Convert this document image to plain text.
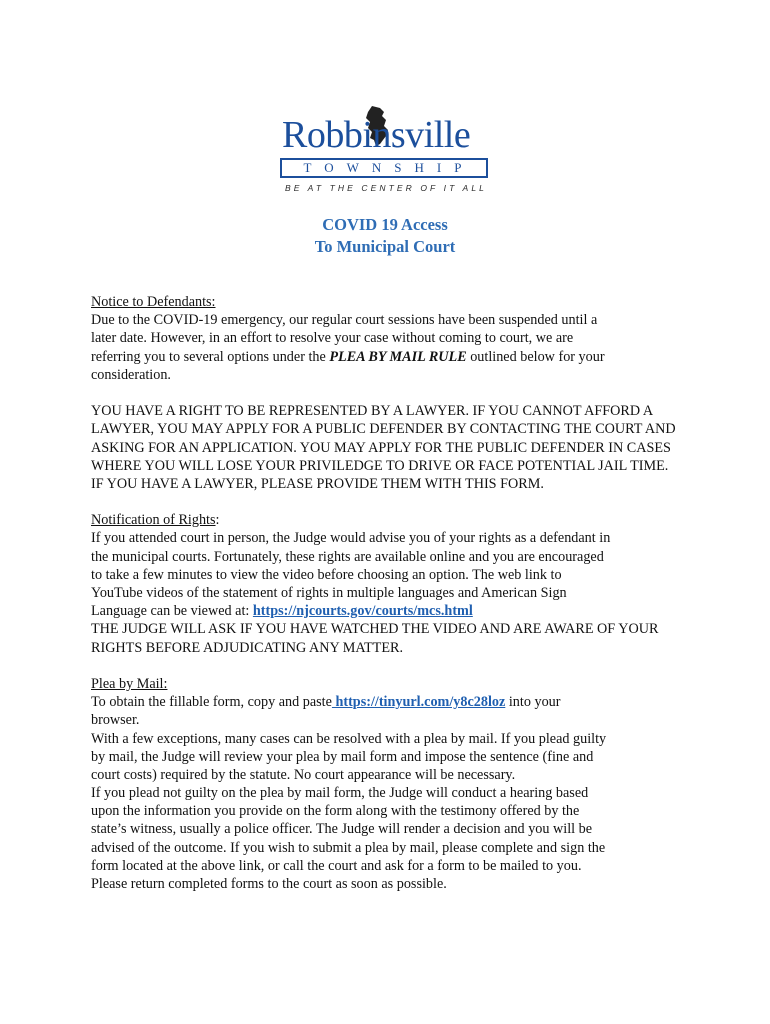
Robbinsville
TOWNSHIP
BE AT THE CENTER OF IT ALL
COVID 19 Access
To Municipal Court
Notice to Defendants:
Due to the COVID-19 emergency, our regular court sessions have been suspended until a
later date. However, in an effort to resolve your case without coming to court, we are
referring you to several options under the PLEA BY MAIL RULE outlined below for your
consideration.
YOU HAVE A RIGHT TO BE REPRESENTED BY A LAWYER. IF YOU CANNOT AFFORD A
LAWYER, YOU MAY APPLY FOR A PUBLIC DEFENDER BY CONTACTING THE COURT AND
ASKING FOR AN APPLICATION. YOU MAY APPLY FOR THE PUBLIC DEFENDER IN CASES
WHERE YOU WILL LOSE YOUR PRIVILEDGE TO DRIVE OR FACE POTENTIAL JAIL TIME.
IF YOU HAVE A LAWYER, PLEASE PROVIDE THEM WITH THIS FORM.
Notification of Rights:
If you attended court in person, the Judge would advise you of your rights as a defendant in
the municipal courts. Fortunately, these rights are available online and you are encouraged
to take a few minutes to view the video before choosing an option. The web link to
YouTube videos of the statement of rights in multiple languages and American Sign
Language can be viewed at: https://njcourts.gov/courts/mcs.html
THE JUDGE WILL ASK IF YOU HAVE WATCHED THE VIDEO AND ARE AWARE OF YOUR
RIGHTS BEFORE ADJUDICATING ANY MATTER.
Plea by Mail:
To obtain the fillable form, copy and paste https://tinyurl.com/y8c28loz into your
browser.
With a few exceptions, many cases can be resolved with a plea by mail. If you plead guilty
by mail, the Judge will review your plea by mail form and impose the sentence (fine and
court costs) required by the statute. No court appearance will be necessary.
If you plead not guilty on the plea by mail form, the Judge will conduct a hearing based
upon the information you provide on the form along with the testimony offered by the
state’s witness, usually a police officer. The Judge will render a decision and you will be
advised of the outcome. If you wish to submit a plea by mail, please complete and sign the
form located at the above link, or call the court and ask for a form to be mailed to you.
Please return completed forms to the court as soon as possible.
